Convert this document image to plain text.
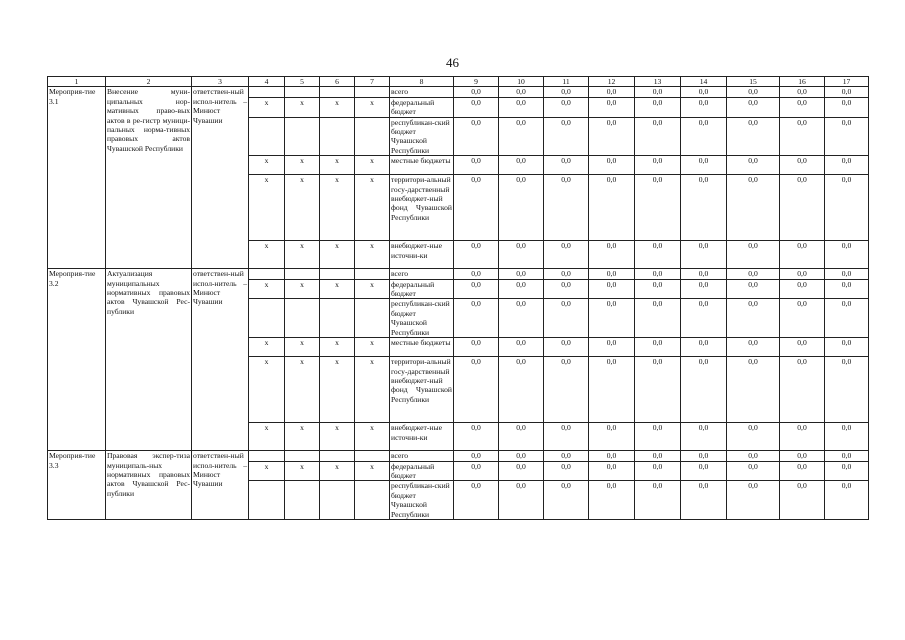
46
1	2	3	4	5	6	7	8	9	10	11	12	13	14	15	16	17
Мероприя-тие 3.1	Внесение муни-ципальных нор-мативных право-вых актов в ре-гистр муници-пальных норма-тивных правовых актов Чувашской Республики	ответствен-ный испол-нитель – Минюст Чувашии					всего	0,0	0,0	0,0	0,0	0,0	0,0	0,0	0,0	0,0
			x	x	x	x	федеральный бюджет	0,0	0,0	0,0	0,0	0,0	0,0	0,0	0,0	0,0
							республикан-ский бюджет Чувашской Республики	0,0	0,0	0,0	0,0	0,0	0,0	0,0	0,0	0,0
			x	x	x	x	местные бюджеты	0,0	0,0	0,0	0,0	0,0	0,0	0,0	0,0	0,0
			x	x	x	x	территори-альный госу-дарственный внебюджет-ный фонд Чувашской Республики	0,0	0,0	0,0	0,0	0,0	0,0	0,0	0,0	0,0
			x	x	x	x	внебюджет-ные источни-ки	0,0	0,0	0,0	0,0	0,0	0,0	0,0	0,0	0,0
Мероприя-тие 3.2	Актуализация муниципальных нормативных правовых актов Чувашской Рес-публики	ответствен-ный испол-нитель – Минюст Чувашии					всего	0,0	0,0	0,0	0,0	0,0	0,0	0,0	0,0	0,0
			x	x	x	x	федеральный бюджет	0,0	0,0	0,0	0,0	0,0	0,0	0,0	0,0	0,0
							республикан-ский бюджет Чувашской Республики	0,0	0,0	0,0	0,0	0,0	0,0	0,0	0,0	0,0
			x	x	x	x	местные бюджеты	0,0	0,0	0,0	0,0	0,0	0,0	0,0	0,0	0,0
			x	x	x	x	территори-альный госу-дарственный внебюджет-ный фонд Чувашской Республики	0,0	0,0	0,0	0,0	0,0	0,0	0,0	0,0	0,0
			x	x	x	x	внебюджет-ные источни-ки	0,0	0,0	0,0	0,0	0,0	0,0	0,0	0,0	0,0
Мероприя-тие 3.3	Правовая экспер-тиза муниципаль-ных нормативных правовых актов Чувашской Рес-публики	ответствен-ный испол-нитель – Минюст Чувашии					всего	0,0	0,0	0,0	0,0	0,0	0,0	0,0	0,0	0,0
			x	x	x	x	федеральный бюджет	0,0	0,0	0,0	0,0	0,0	0,0	0,0	0,0	0,0
							республикан-ский бюджет Чувашской Республики	0,0	0,0	0,0	0,0	0,0	0,0	0,0	0,0	0,0
